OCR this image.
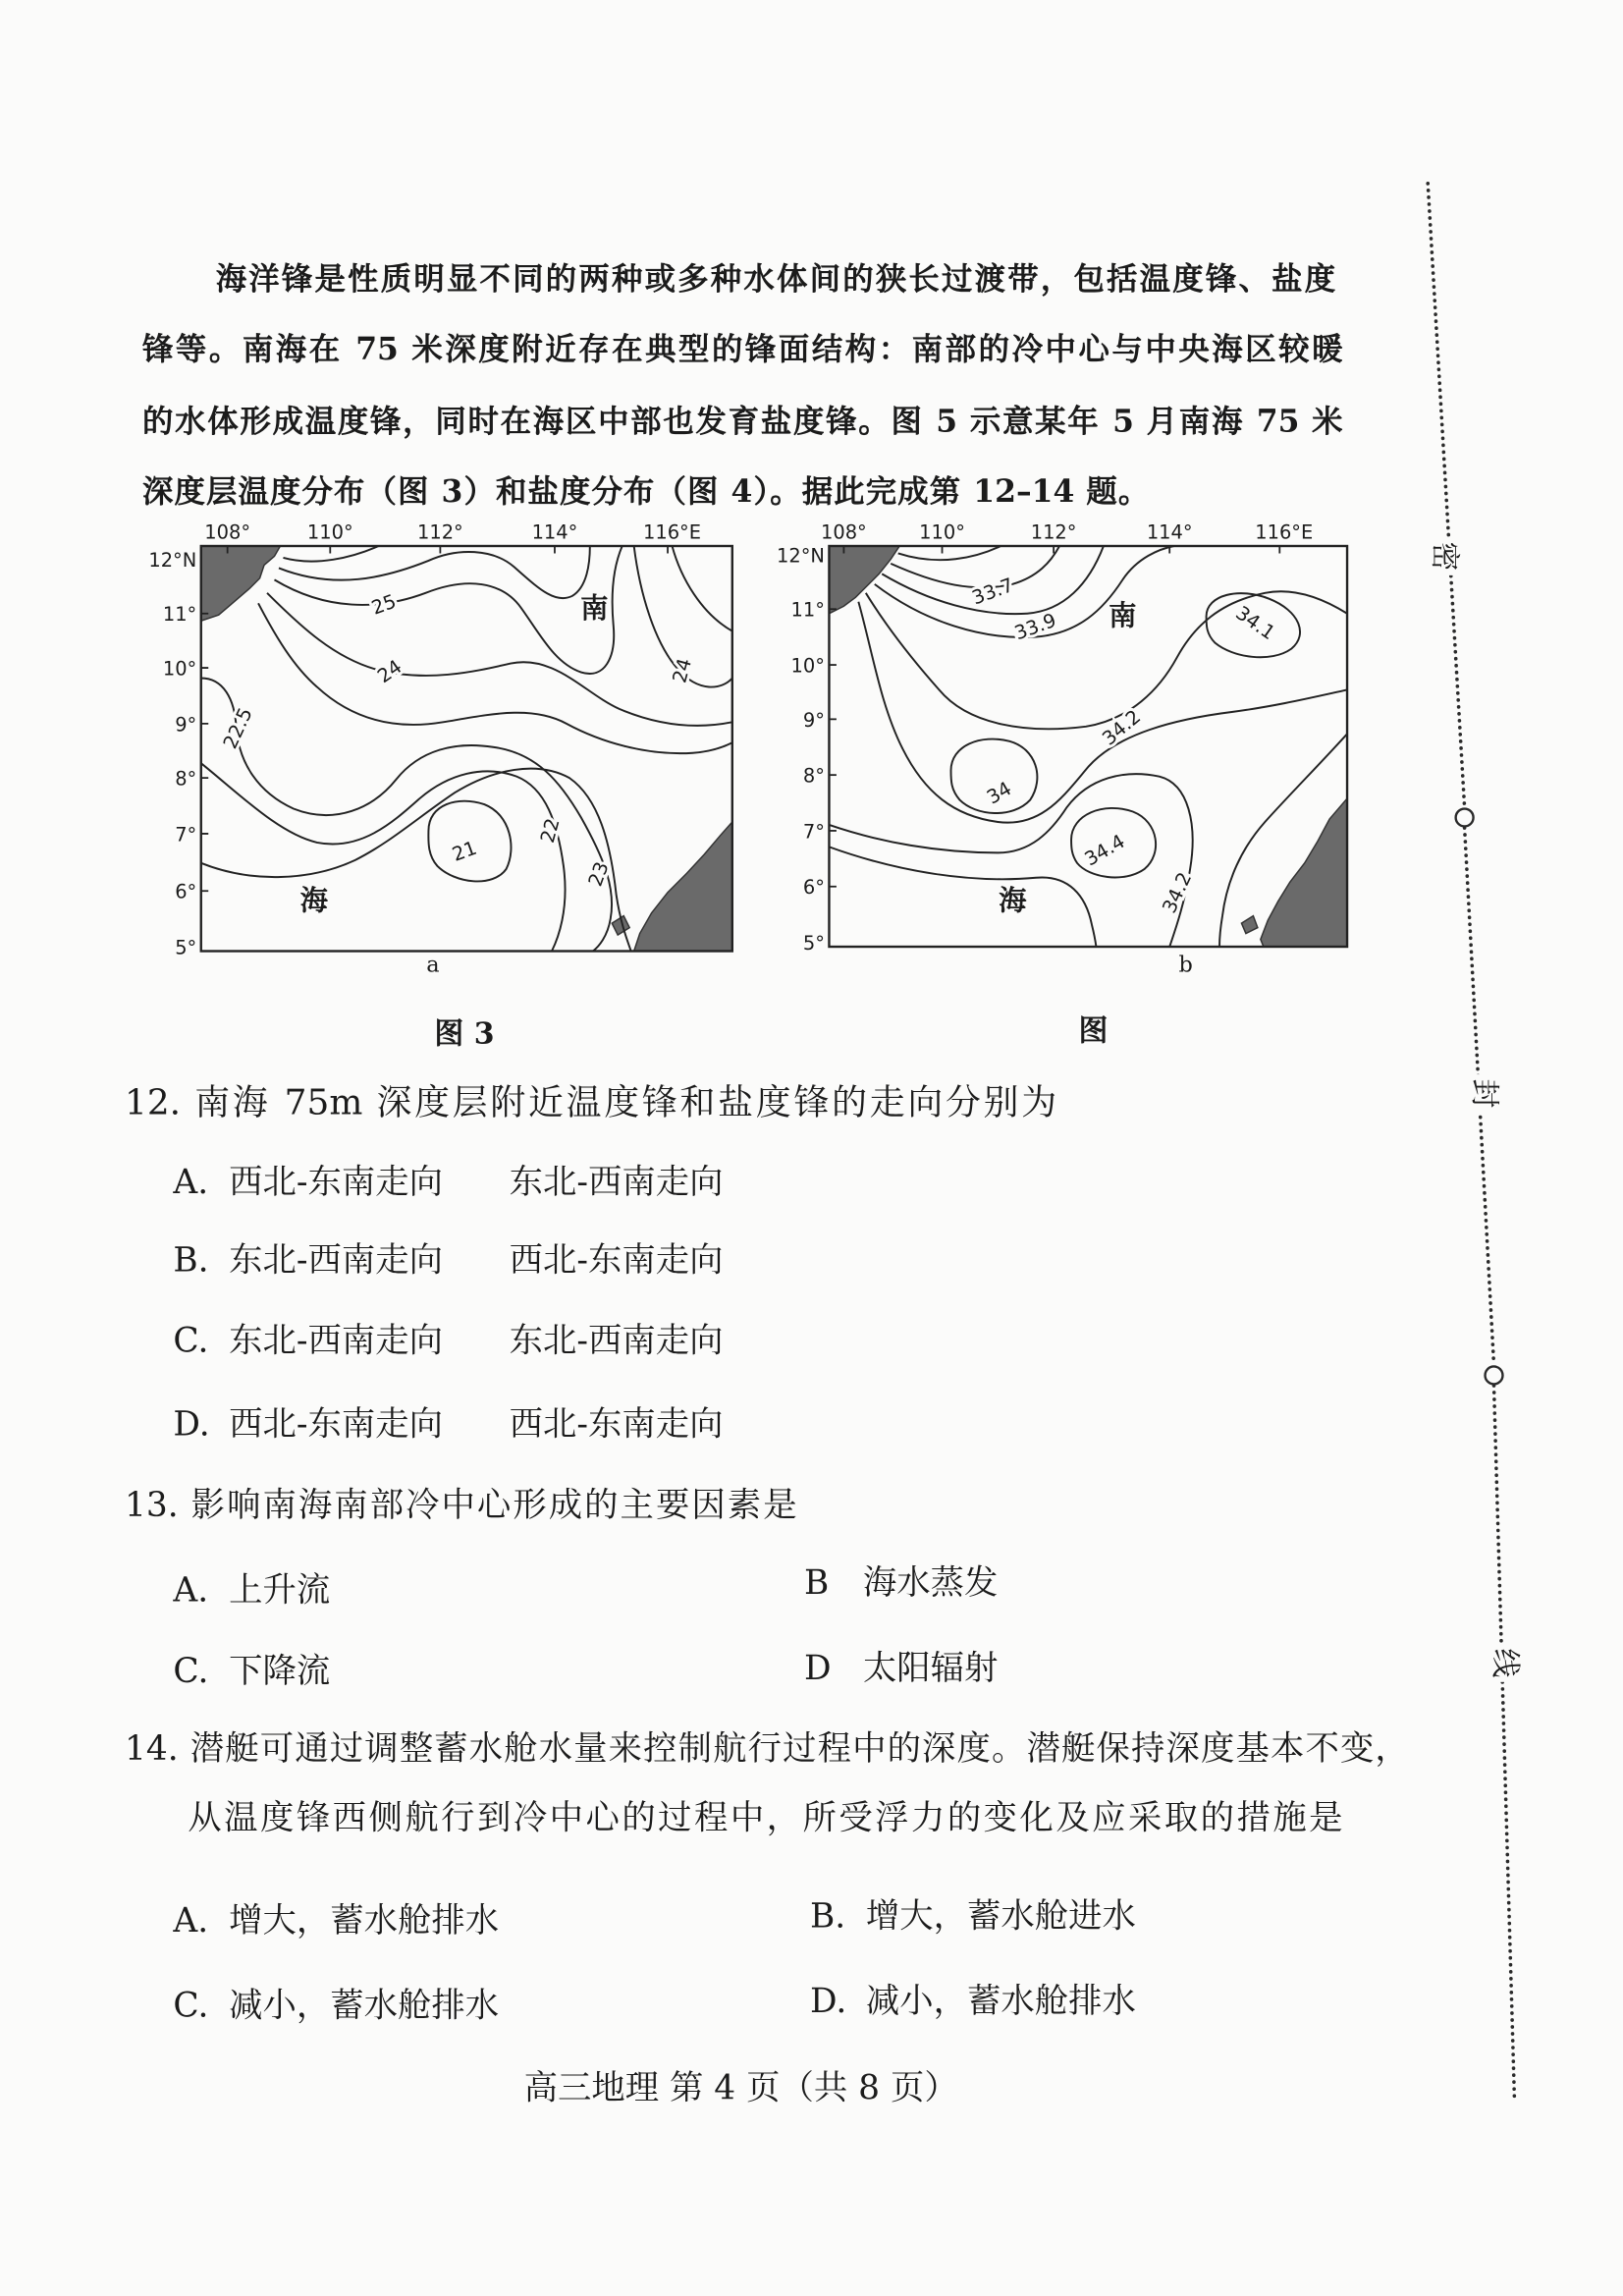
海洋锋是性质明显不同的两种或多种水体间的狭长过渡带，包括温度锋、盐度
锋等。南海在 75 米深度附近存在典型的锋面结构：南部的冷中心与中央海区较暖
的水体形成温度锋，同时在海区中部也发育盐度锋。图 5 示意某年 5 月南海 75 米
深度层温度分布（图 3）和盐度分布（图 4）。据此完成第 12–14 题。
108°	110°	112°	114°	116°E
12°N
11°
10°
9°
8°
7°
6°
5°
25
24
22.5
21
22
23
24
南
海
a
108°	110°	112°	114°	116°E
12°N
11°
10°
9°
8°
7°
6°
5°
33.7
33.9	34.1
34.2
34
34.4
34.2
南
海
b
图 3	图
12. 南海 75m 深度层附近温度锋和盐度锋的走向分别为
A. 西北-东南走向	东北-西南走向
B. 东北-西南走向	西北-东南走向
C. 东北-西南走向	东北-西南走向
D. 西北-东南走向	西北-东南走向
13. 影响南海南部冷中心形成的主要因素是
A. 上升流	B 海水蒸发
C. 下降流	D 太阳辐射
14. 潜艇可通过调整蓄水舱水量来控制航行过程中的深度。潜艇保持深度基本不变，
从温度锋西侧航行到冷中心的过程中，所受浮力的变化及应采取的措施是
A. 增大，蓄水舱排水	B. 增大，蓄水舱进水
C. 减小，蓄水舱排水	D. 减小，蓄水舱排水
高三地理 第 4 页（共 8 页）
密
封
线
